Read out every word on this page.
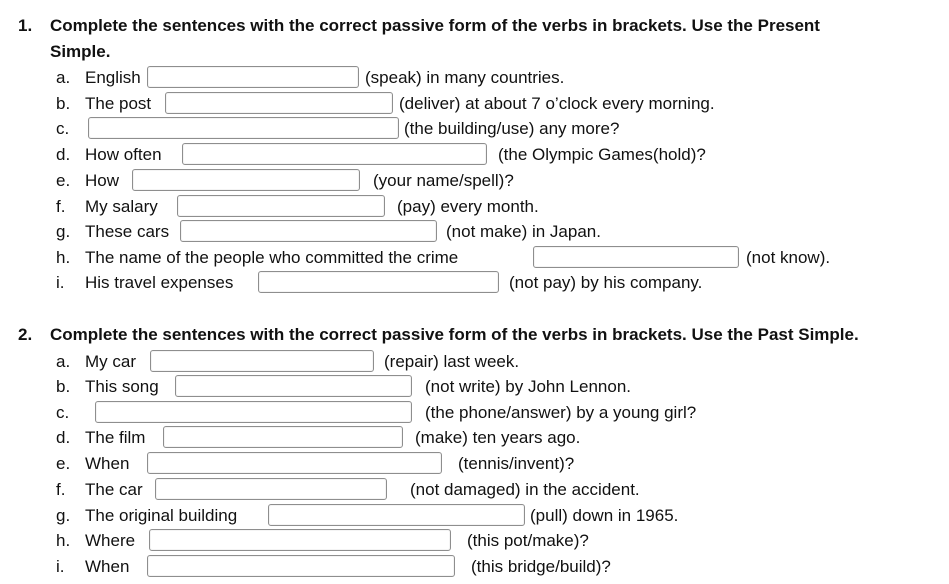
1. Complete the sentences with the correct passive form of the verbs in brackets. Use the Present
Simple.
a. English	(speak) in many countries.
b. The post	(deliver) at about 7 o’clock every morning.
c.	(the building/use) any more?
d. How often	(the Olympic Games(hold)?
e. How	(your name/spell)?
f. My salary	(pay) every month.
g. These cars	(not make) in Japan.
h. The name of the people who committed the crime	(not know).
i. His travel expenses	(not pay) by his company.
2. Complete the sentences with the correct passive form of the verbs in brackets. Use the Past Simple.
a. My car	(repair) last week.
b. This song	(not write) by John Lennon.
c.	(the phone/answer) by a young girl?
d. The film	(make) ten years ago.
e. When	(tennis/invent)?
f. The car	(not damaged) in the accident.
g. The original building	(pull) down in 1965.
h. Where	(this pot/make)?
i. When	(this bridge/build)?
